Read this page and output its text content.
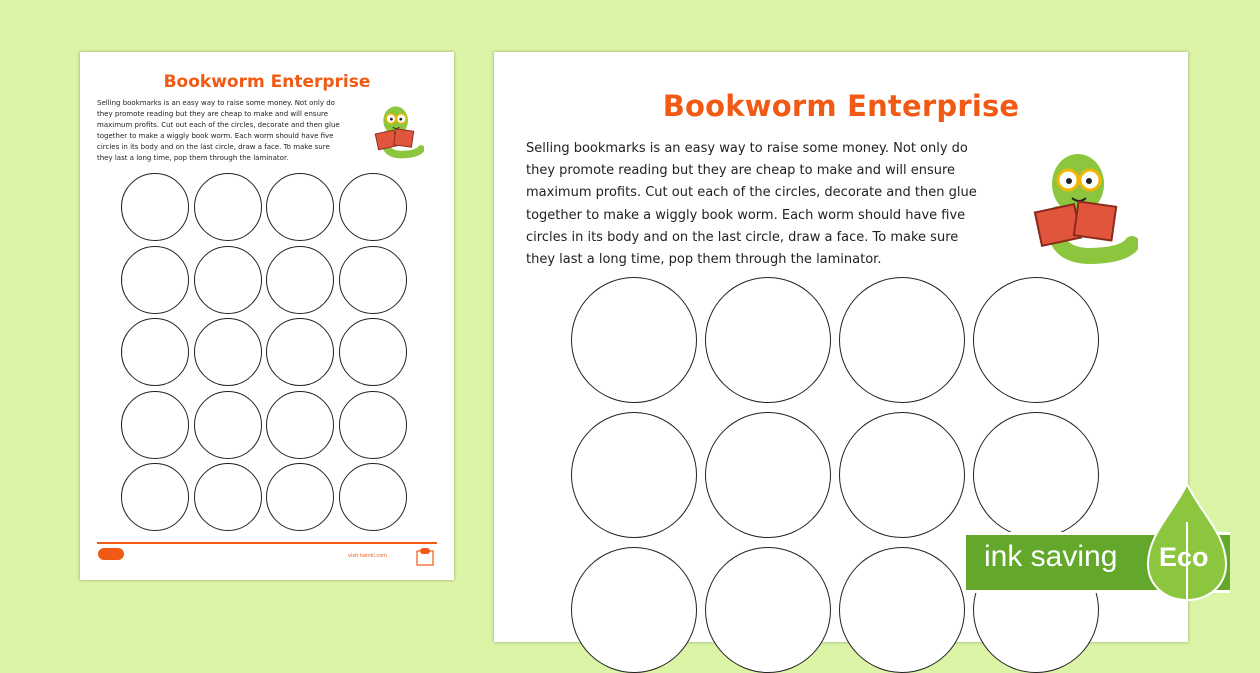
Bookworm Enterprise
Selling bookmarks is an easy way to raise some money. Not only do
they promote reading but they are cheap to make and will ensure
maximum profits. Cut out each of the circles, decorate and then glue
together to make a wiggly book worm. Each worm should have five
circles in its body and on the last circle, draw a face. To make sure
they last a long time, pop them through the laminator.
visit twinkl.com
Bookworm Enterprise
Selling bookmarks is an easy way to raise some money. Not only do
they promote reading but they are cheap to make and will ensure
maximum profits. Cut out each of the circles, decorate and then glue
together to make a wiggly book worm. Each worm should have five
circles in its body and on the last circle, draw a face. To make sure
they last a long time, pop them through the laminator.
ink saving Eco
